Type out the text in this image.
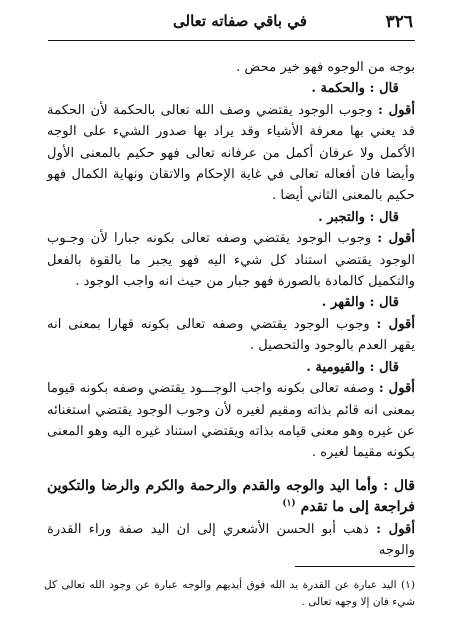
٣٢٦
في باقي صفاته تعالى

بوجه من الوجوه فهو خير محض .

قال : والحكمة .

أقول : وجوب الوجود يقتضي وصف الله تعالى بالحكمة لأن الحكمة قد يعني بها معرفة الأشياء وقد يراد بها صدور الشيء على الوجه الأكمل ولا عرفان أكمل من عرفانه تعالى فهو حكيم بالمعنى الأول وأيضا فان أفعاله تعالى في غاية الإحكام والاتقان ونهاية الكمال فهو حكيم بالمعنى الثاني أيضا .

قال : والتجبر .

أقول : وجوب الوجود يقتضي وصفه تعالى بكونه جبارا لأن وجـوب الوجود يقتضي استناد كل شيء اليه فهو يجبر ما بالقوة بالفعل والتكميل كالمادة بالصورة فهو جبار من حيث انه واجب الوجود .

قال : والقهر .

أقول : وجوب الوجود يقتضي وصفه تعالى بكونه قهارا بمعنى انه يقهر العدم بالوجود والتحصيل .

قال : والقيومية .

أقول : وصفه تعالى بكونه واجب الوجـــود يقتضي وصفه بكونه قيوما بمعنى انه قائم بذاته ومقيم لغيره لأن وجوب الوجود يقتضي استغنائه عن غيره وهو معنى قيامه بذاته ويقتضي استناد غيره اليه وهو المعنى بكونه مقيما لغيره .

قال : وأما اليد والوجه والقدم والرحمة والكرم والرضا والتكوين فراجعة إلى ما تقدم $^{(١)}$

أقول : ذهب أبو الحسن الأشعري إلى ان اليد صفة وراء القدرة والوجه

(١) اليد عبارة عن القدرة يد الله فوق أيديهم والوجه عبارة عن وجود الله تعالى كل شيء فان إلا وجهه تعالى .
